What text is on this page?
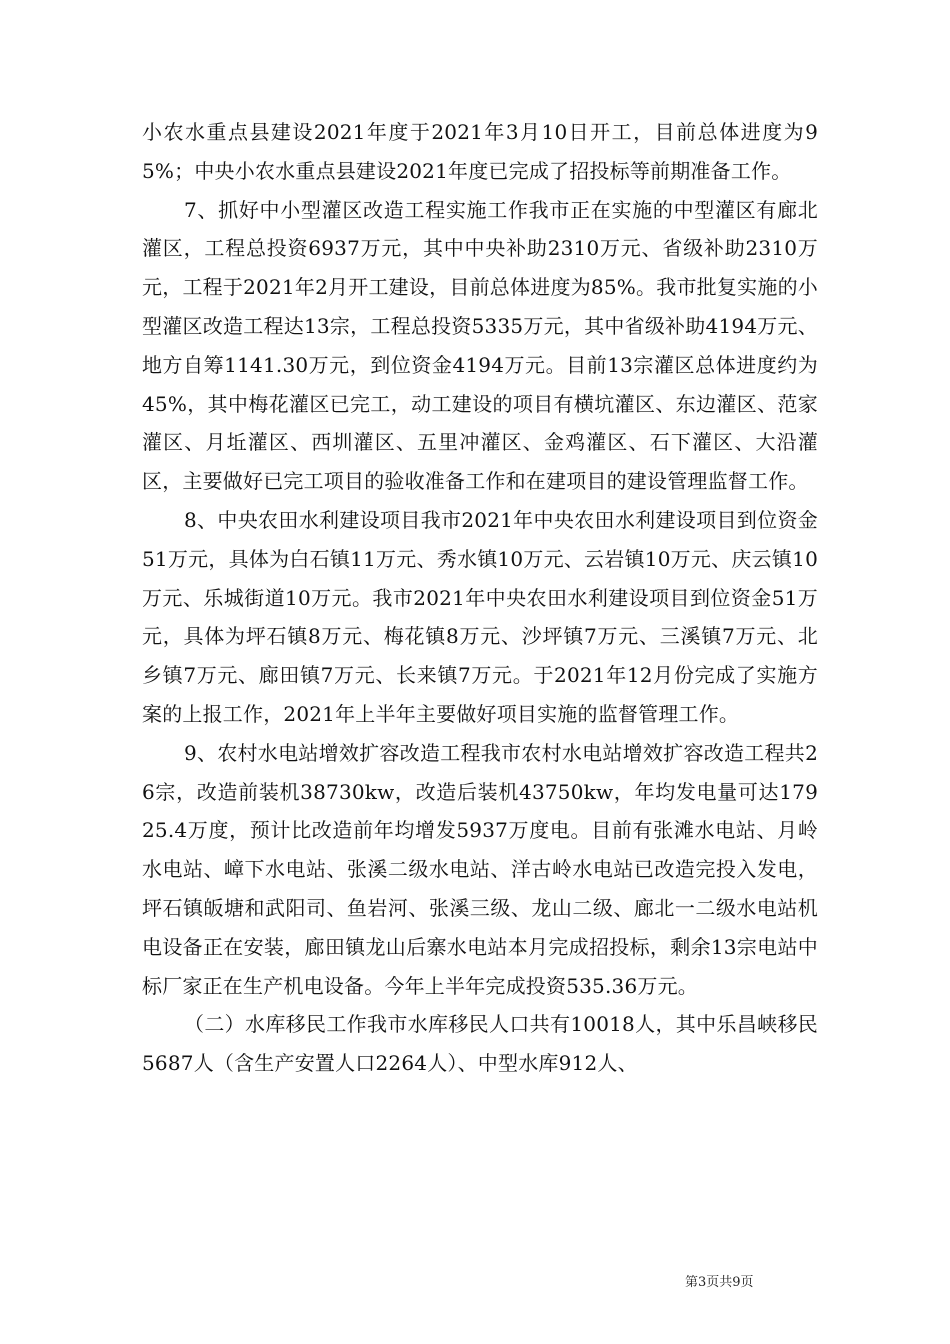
小农水重点县建设2021年度于2021年3月10日开工，目前总体进度为95%；中央小农水重点县建设2021年度已完成了招投标等前期准备工作。

7、抓好中小型灌区改造工程实施工作我市正在实施的中型灌区有廊北灌区，工程总投资6937万元，其中中央补助2310万元、省级补助2310万元，工程于2021年2月开工建设，目前总体进度为85%。我市批复实施的小型灌区改造工程达13宗，工程总投资5335万元，其中省级补助4194万元、地方自筹1141.30万元，到位资金4194万元。目前13宗灌区总体进度约为45%，其中梅花灌区已完工，动工建设的项目有横坑灌区、东边灌区、范家灌区、月坵灌区、西圳灌区、五里冲灌区、金鸡灌区、石下灌区、大沿灌区，主要做好已完工项目的验收准备工作和在建项目的建设管理监督工作。

8、中央农田水利建设项目我市2021年中央农田水利建设项目到位资金51万元，具体为白石镇11万元、秀水镇10万元、云岩镇10万元、庆云镇10万元、乐城街道10万元。我市2021年中央农田水利建设项目到位资金51万元，具体为坪石镇8万元、梅花镇8万元、沙坪镇7万元、三溪镇7万元、北乡镇7万元、廊田镇7万元、长来镇7万元。于2021年12月份完成了实施方案的上报工作，2021年上半年主要做好项目实施的监督管理工作。

9、农村水电站增效扩容改造工程我市农村水电站增效扩容改造工程共26宗，改造前装机38730kw，改造后装机43750kw，年均发电量可达17925.4万度，预计比改造前年均增发5937万度电。目前有张滩水电站、月岭水电站、嶂下水电站、张溪二级水电站、洋古岭水电站已改造完投入发电，坪石镇皈塘和武阳司、鱼岩河、张溪三级、龙山二级、廊北一二级水电站机电设备正在安装，廊田镇龙山后寨水电站本月完成招投标，剩余13宗电站中标厂家正在生产机电设备。今年上半年完成投资535.36万元。

（二）水库移民工作我市水库移民人口共有10018人，其中乐昌峡移民5687人（含生产安置人口2264人）、中型水库912人、

第3页共9页
